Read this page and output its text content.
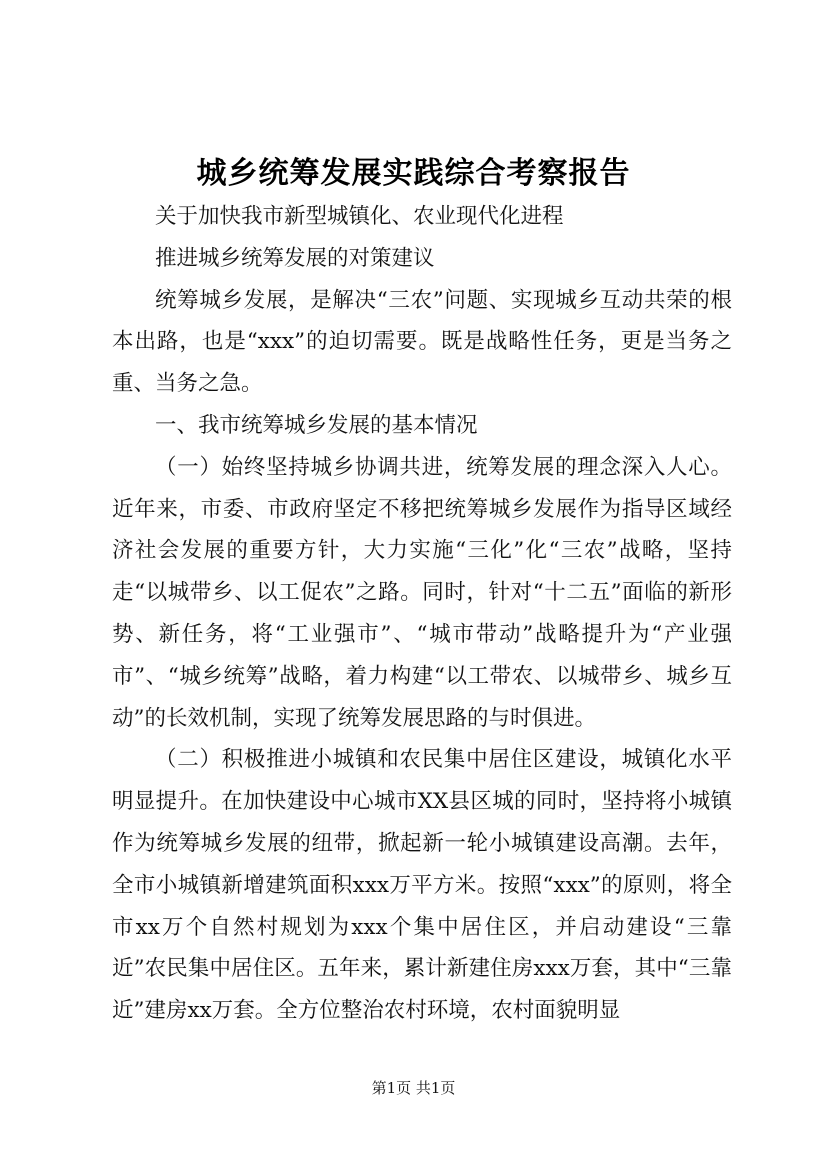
城乡统筹发展实践综合考察报告

关于加快我市新型城镇化、农业现代化进程

推进城乡统筹发展的对策建议

统筹城乡发展，是解决“三农”问题、实现城乡互动共荣的根本出路，也是“xxx”的迫切需要。既是战略性任务，更是当务之重、当务之急。

一、我市统筹城乡发展的基本情况

（一）始终坚持城乡协调共进，统筹发展的理念深入人心。近年来，市委、市政府坚定不移把统筹城乡发展作为指导区域经济社会发展的重要方针，大力实施“三化”化“三农”战略，坚持走“以城带乡、以工促农”之路。同时，针对“十二五”面临的新形势、新任务，将“工业强市”、“城市带动”战略提升为“产业强市”、“城乡统筹”战略，着力构建“以工带农、以城带乡、城乡互动”的长效机制，实现了统筹发展思路的与时俱进。

（二）积极推进小城镇和农民集中居住区建设，城镇化水平明显提升。在加快建设中心城市XX县区城的同时，坚持将小城镇作为统筹城乡发展的纽带，掀起新一轮小城镇建设高潮。去年，全市小城镇新增建筑面积xxx万平方米。按照“xxx”的原则，将全市xx万个自然村规划为xxx个集中居住区，并启动建设“三靠近”农民集中居住区。五年来，累计新建住房xxx万套，其中“三靠近”建房xx万套。全方位整治农村环境，农村面貌明显

第1页 共1页
